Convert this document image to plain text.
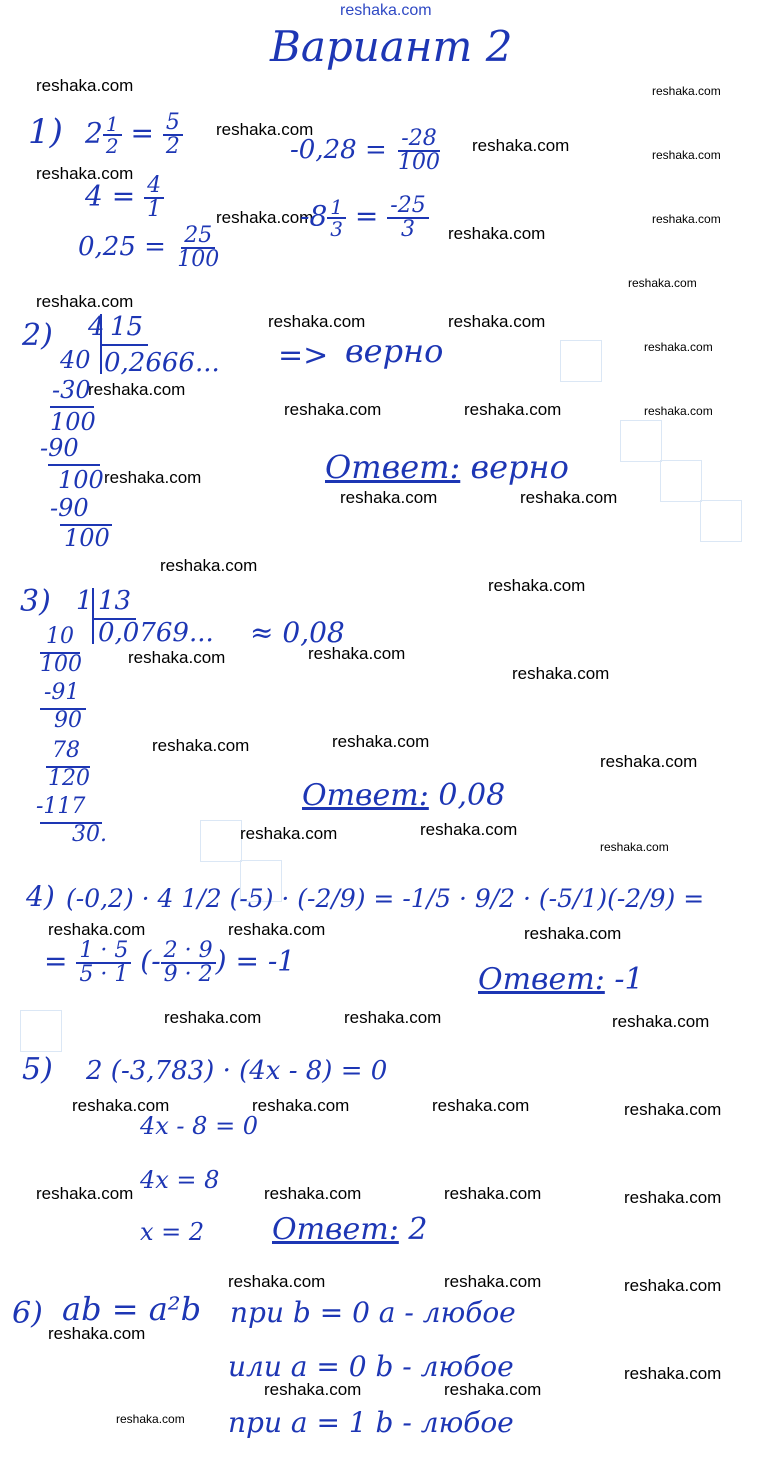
reshaka.com
Вариант 2
reshaka.com	reshaka.com
reshaka.com
reshaka.com	reshaka.com
reshaka.com
reshaka.com	reshaka.com
reshaka.com
reshaka.com
reshaka.com
reshaka.com	reshaka.com
reshaka.com
reshaka.com
reshaka.com	reshaka.com	reshaka.com
reshaka.com
reshaka.com	reshaka.com
reshaka.com
reshaka.com
reshaka.com
reshaka.com
reshaka.com
reshaka.com
reshaka.com
reshaka.com
reshaka.com
reshaka.com
reshaka.com
reshaka.com	reshaka.com	reshaka.com
reshaka.com	reshaka.com	reshaka.com
reshaka.com	reshaka.com	reshaka.com	reshaka.com
reshaka.com	reshaka.com	reshaka.com	reshaka.com
reshaka.com	reshaka.com	reshaka.com
reshaka.com
reshaka.com
reshaka.com	reshaka.com
reshaka.com
1) $2 \frac{1}{2} = \frac{5}{2}$
$4 = \frac{4}{1}$
$0,25 = \frac{25}{100}$
$-0,28 = \frac{-28}{100}$
$-8 \frac{1}{3} = \frac{-25}{3}$
2) 4 15
0,2666... => верно
40
-30
100
-90
100
-90
100
Ответ: верно
3) 1 13
0,0769... ≈ 0,08
10
100
-91
90
78
120
-117
30.
Ответ: 0,08
4) (-0,2) · 4 1/2 (-5) · (-2/9) = -1/5 · 9/2 · (-5/1)(-2/9) =
= $\frac{1 \cdot 5}{5 \cdot 1}$ (- $\frac{2 \cdot 9}{9 \cdot 2}$ ) = -1
Ответ: -1
5) 2 (-3,783) · (4x - 8) = 0
4x - 8 = 0
4x = 8
x = 2 Ответ: 2
6) ab = a²b при b = 0 a - любое
или a = 0 b - любое
при a = 1 b - любое
